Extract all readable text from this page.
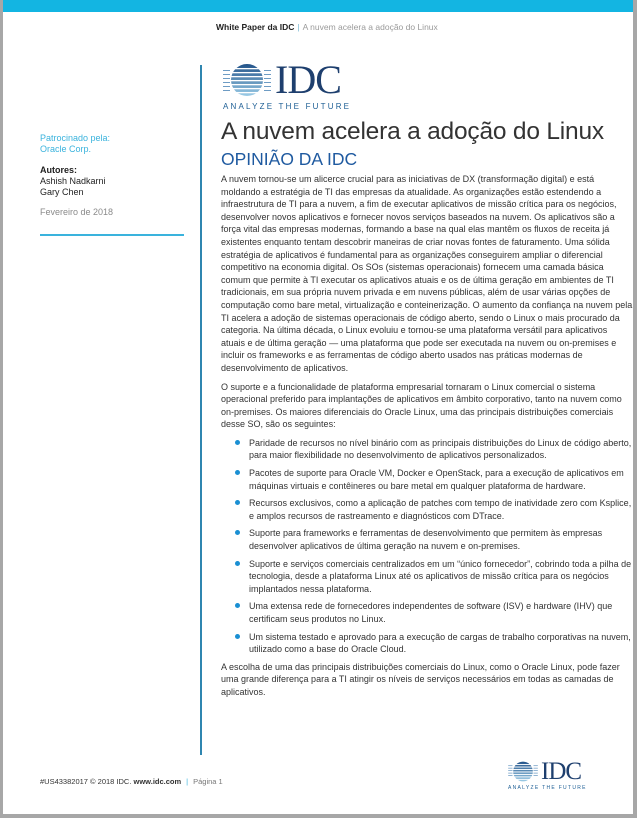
White Paper da IDC | A nuvem acelera a adoção do Linux
IDC
ANALYZE THE FUTURE
Patrocinado pela:
Oracle Corp.
Autores:
Ashish Nadkarni
Gary Chen
Fevereiro de 2018
A nuvem acelera a adoção do Linux
OPINIÃO DA IDC

A nuvem tornou-se um alicerce crucial para as iniciativas de DX (transformação digital) e está moldando a estratégia de TI das empresas da atualidade. As organizações estão estendendo a infraestrutura de TI para a nuvem, a fim de executar aplicativos de missão crítica para os negócios, desenvolver novos aplicativos e fornecer novos serviços baseados na nuvem. Os aplicativos são a força vital das empresas modernas, formando a base na qual elas mantêm os fluxos de receita já existentes enquanto tentam descobrir maneiras de criar novas fontes de faturamento. Uma sólida estratégia de aplicativos é fundamental para as organizações conseguirem ampliar o diferencial competitivo na economia digital. Os SOs (sistemas operacionais) fornecem uma camada básica comum que permite à TI executar os aplicativos atuais e os de última geração em ambientes de TI tradicionais, em sua própria nuvem privada e em nuvens públicas, além de usar várias opções de computação como bare metal, virtualização e conteinerização. O aumento da confiança na nuvem pela TI acelera a adoção de sistemas operacionais de código aberto, sendo o Linux o mais procurado da categoria. Na última década, o Linux evoluiu e tornou-se uma plataforma versátil para aplicativos atuais e de última geração — uma plataforma que pode ser executada na nuvem ou on-premises e incluir os frameworks e as ferramentas de código aberto usados nas práticas modernas de desenvolvimento de aplicativos.

O suporte e a funcionalidade de plataforma empresarial tornaram o Linux comercial o sistema operacional preferido para implantações de aplicativos em âmbito corporativo, tanto na nuvem como on-premises. Os maiores diferenciais do Oracle Linux, uma das principais distribuições comerciais desse SO, são os seguintes:

Paridade de recursos no nível binário com as principais distribuições do Linux de código aberto, para maior flexibilidade no desenvolvimento de aplicativos personalizados.
Pacotes de suporte para Oracle VM, Docker e OpenStack, para a execução de aplicativos em máquinas virtuais e contêineres ou bare metal em qualquer plataforma de hardware.
Recursos exclusivos, como a aplicação de patches com tempo de inatividade zero com Ksplice, e amplos recursos de rastreamento e diagnósticos com DTrace.
Suporte para frameworks e ferramentas de desenvolvimento que permitem às empresas desenvolver aplicativos de última geração na nuvem e on-premises.
Suporte e serviços comerciais centralizados em um “único fornecedor”, cobrindo toda a pilha de tecnologia, desde a plataforma Linux até os aplicativos de missão crítica para os negócios implantados nessa plataforma.
Uma extensa rede de fornecedores independentes de software (ISV) e hardware (IHV) que certificam seus produtos no Linux.
Um sistema testado e aprovado para a execução de cargas de trabalho corporativas na nuvem, utilizado como a base do Oracle Cloud.

A escolha de uma das principais distribuições comerciais do Linux, como o Oracle Linux, pode fazer uma grande diferença para a TI atingir os níveis de serviços necessários em todas as camadas de aplicativos.

#US43382017 © 2018 IDC. www.idc.com | Página 1	IDC
ANALYZE THE FUTURE
